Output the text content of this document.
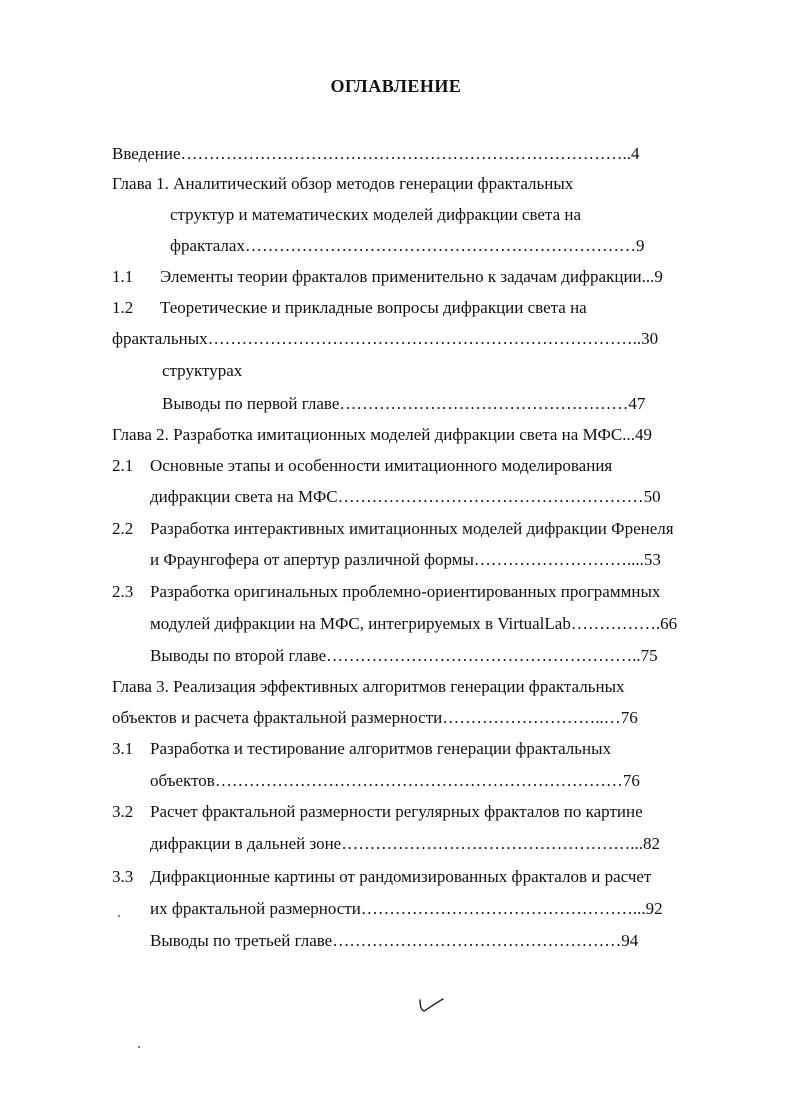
ОГЛАВЛЕНИЕ
Введение……………………………………………………………………..4
Глава 1. Аналитический обзор методов генерации фрактальных
структур и математических моделей дифракции света на
фракталах……………………………………………………………9
1.1 Элементы теории фракталов применительно к задачам дифракции...9
1.2 Теоретические и прикладные вопросы дифракции света на
фрактальных…………………………………………………………………..30
структурах
Выводы по первой главе……………………………………………47
Глава 2. Разработка имитационных моделей дифракции света на МФС...49
2.1 Основные этапы и особенности имитационного моделирования
дифракции света на МФС………………………………………………50
2.2 Разработка интерактивных имитационных моделей дифракции Френеля
и Фраунгофера от апертур различной формы………………………....53
2.3 Разработка оригинальных проблемно-ориентированных программных
модулей дифракции на МФС, интегрируемых в VirtualLab…………….66
Выводы по второй главе………………………………………………..75
Глава 3. Реализация эффективных алгоритмов генерации фрактальных
объектов и расчета фрактальной размерности………………………..…76
3.1 Разработка и тестирование алгоритмов генерации фрактальных
объектов………………………………………………………………76
3.2 Расчет фрактальной размерности регулярных фракталов по картине
дифракции в дальней зоне……………………………………………...82
3.3 Дифракционные картины от рандомизированных фракталов и расчет
их фрактальной размерности…………………………………………...92
Выводы по третьей главе……………………………………………94
